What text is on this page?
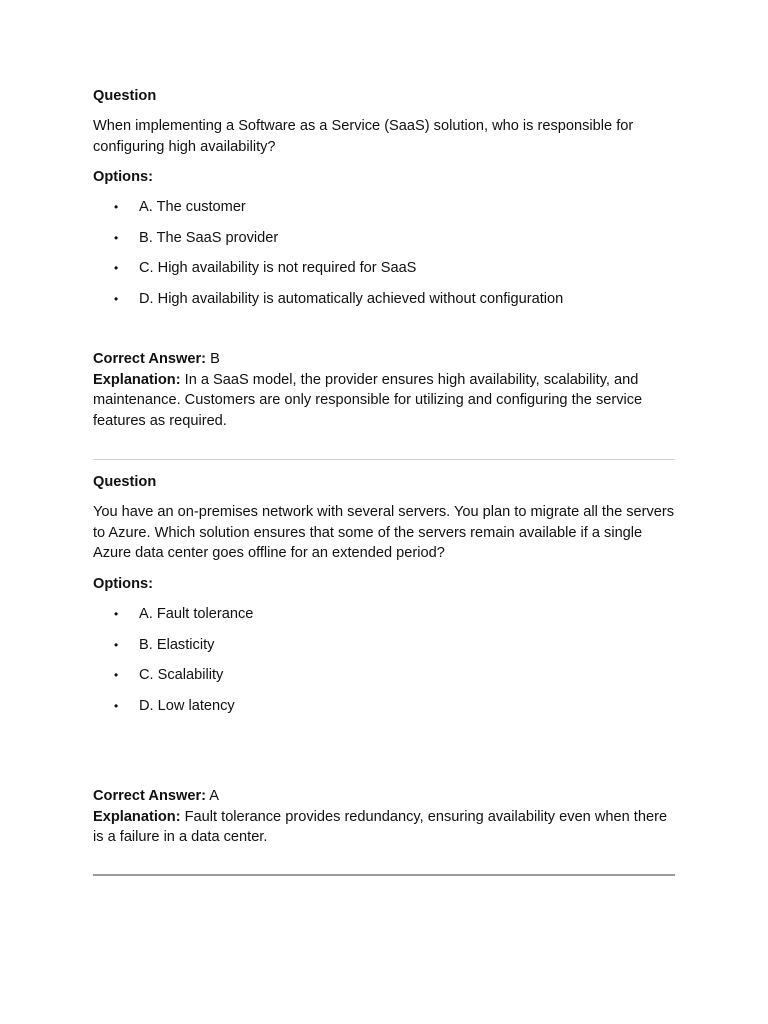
Question

When implementing a Software as a Service (SaaS) solution, who is responsible for configuring high availability?

Options:

• A. The customer
• B. The SaaS provider
• C. High availability is not required for SaaS
• D. High availability is automatically achieved without configuration

Correct Answer: B

Explanation: In a SaaS model, the provider ensures high availability, scalability, and maintenance. Customers are only responsible for utilizing and configuring the service features as required.

Question

You have an on-premises network with several servers. You plan to migrate all the servers to Azure. Which solution ensures that some of the servers remain available if a single Azure data center goes offline for an extended period?

Options:

• A. Fault tolerance
• B. Elasticity
• C. Scalability
• D. Low latency

Correct Answer: A

Explanation: Fault tolerance provides redundancy, ensuring availability even when there is a failure in a data center.
